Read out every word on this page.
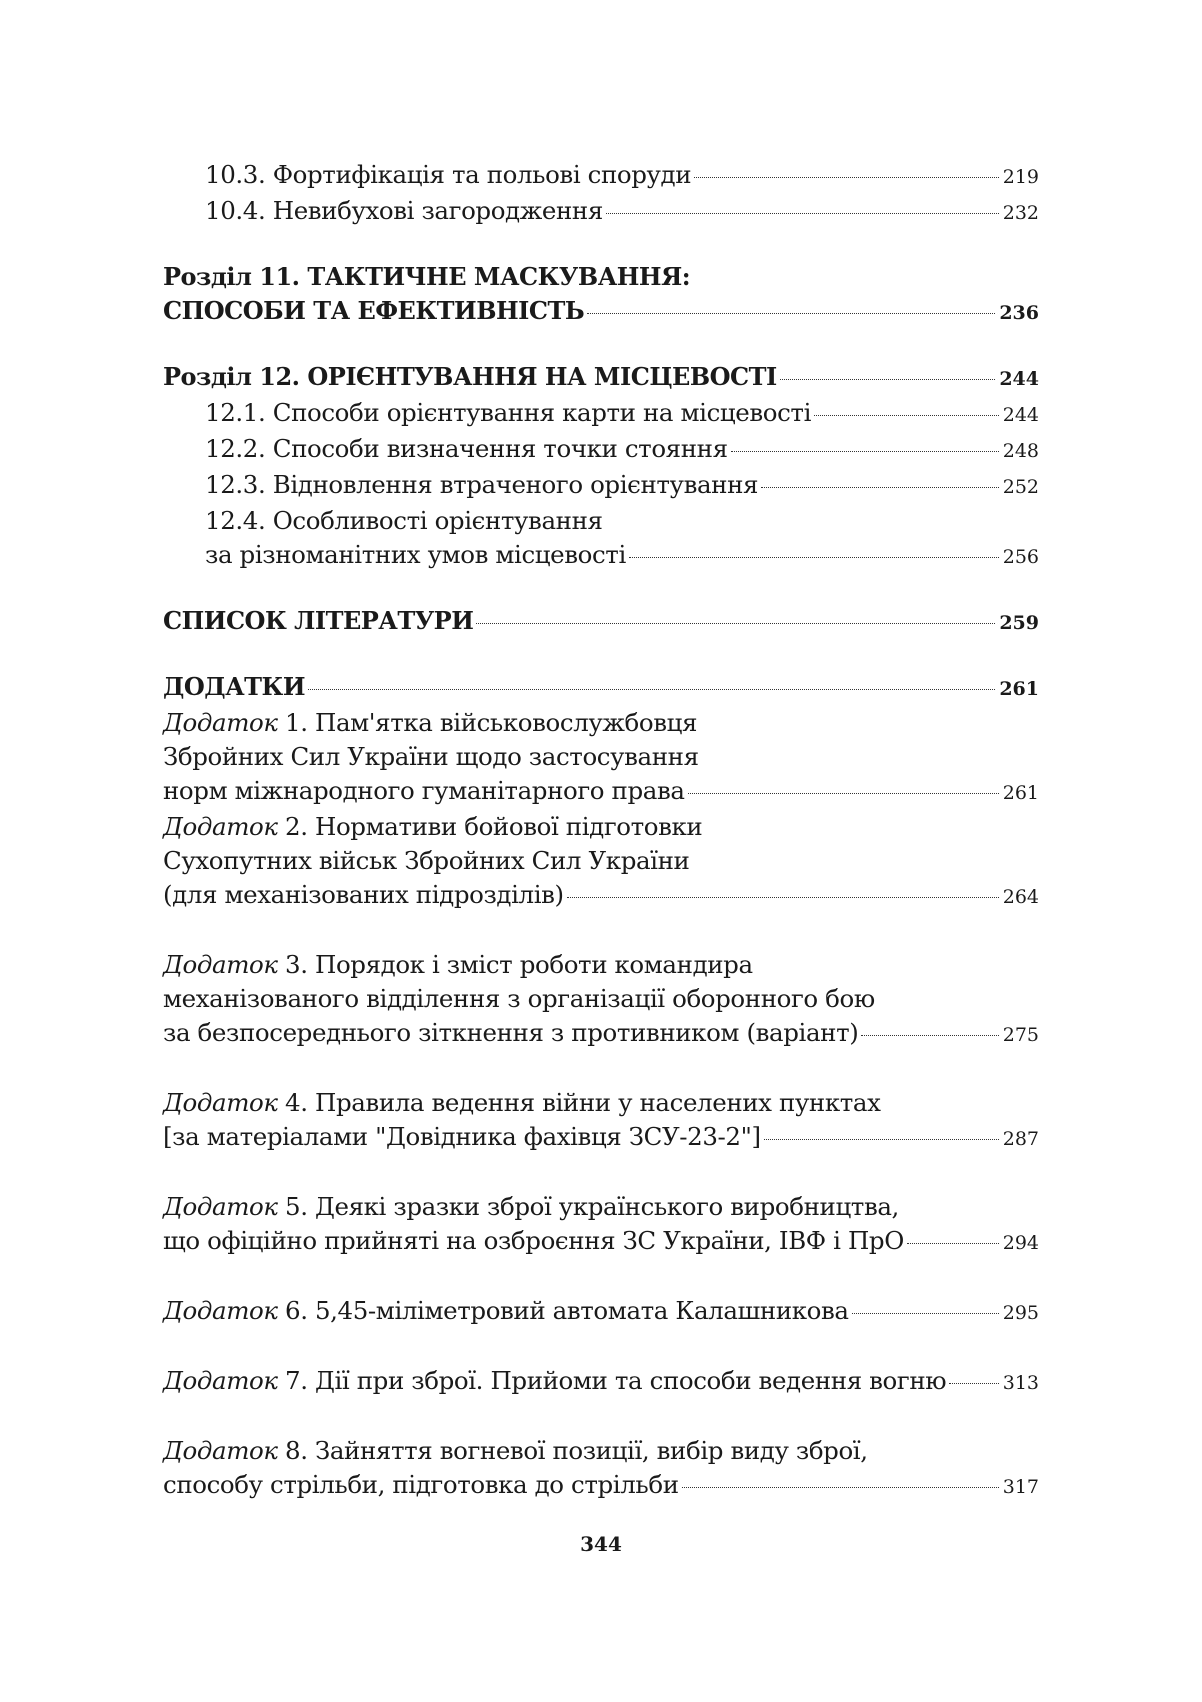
10.3. Фортифікація та польові споруди	219
10.4. Невибухові загородження	232
Розділ 11. ТАКТИЧНЕ МАСКУВАННЯ:
СПОСОБИ ТА ЕФЕКТИВНІСТЬ	236
Розділ 12. ОРІЄНТУВАННЯ НА МІСЦЕВОСТІ	244
12.1. Способи орієнтування карти на місцевості	244
12.2. Способи визначення точки стояння	248
12.3. Відновлення втраченого орієнтування	252
12.4. Особливості орієнтування
за різноманітних умов місцевості	256
СПИСОК ЛІТЕРАТУРИ	259
ДОДАТКИ	261
Додаток 1. Пам'ятка військовослужбовця
Збройних Сил України щодо застосування
норм міжнародного гуманітарного права	261
Додаток 2. Нормативи бойової підготовки
Сухопутних військ Збройних Сил України
(для механізованих підрозділів)	264
Додаток 3. Порядок і зміст роботи командира
механізованого відділення з організації оборонного бою
за безпосереднього зіткнення з противником (варіант)	275
Додаток 4. Правила ведення війни у населених пунктах
[за матеріалами "Довідника фахівця ЗСУ-23-2"]	287
Додаток 5. Деякі зразки зброї українського виробництва,
що офіційно прийняті на озброєння ЗС України, ІВФ і ПрО	294
Додаток 6. 5,45-міліметровий автомата Калашникова	295
Додаток 7. Дії при зброї. Прийоми та способи ведення вогню	313
Додаток 8. Зайняття вогневої позиції, вибір виду зброї,
способу стрільби, підготовка до стрільби	317
344
